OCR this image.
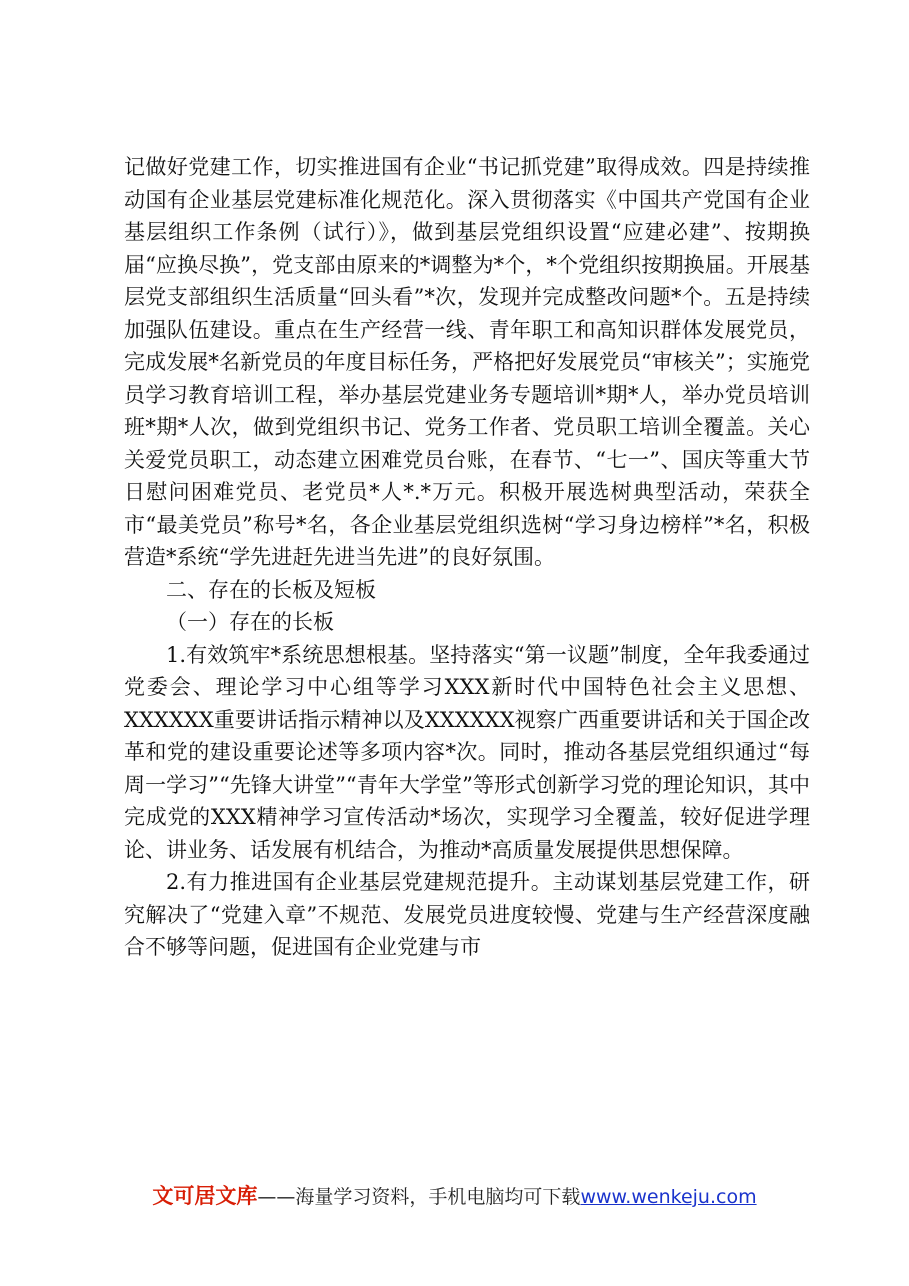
记做好党建工作，切实推进国有企业“书记抓党建”取得成效。四是持续推动国有企业基层党建标准化规范化。深入贯彻落实《中国共产党国有企业基层组织工作条例（试行）》，做到基层党组织设置“应建必建”、按期换届“应换尽换”，党支部由原来的*调整为*个，*个党组织按期换届。开展基层党支部组织生活质量“回头看”*次，发现并完成整改问题*个。五是持续加强队伍建设。重点在生产经营一线、青年职工和高知识群体发展党员，完成发展*名新党员的年度目标任务，严格把好发展党员“审核关”；实施党员学习教育培训工程，举办基层党建业务专题培训*期*人，举办党员培训班*期*人次，做到党组织书记、党务工作者、党员职工培训全覆盖。关心关爱党员职工，动态建立困难党员台账，在春节、“七一”、国庆等重大节日慰问困难党员、老党员*人*.*万元。积极开展选树典型活动，荣获全市“最美党员”称号*名，各企业基层党组织选树“学习身边榜样”*名，积极营造*系统“学先进赶先进当先进”的良好氛围。

二、存在的长板及短板

（一）存在的长板

1.有效筑牢*系统思想根基。坚持落实“第一议题”制度，全年我委通过党委会、理论学习中心组等学习XXX新时代中国特色社会主义思想、XXXXXX重要讲话指示精神以及XXXXXX视察广西重要讲话和关于国企改革和党的建设重要论述等多项内容*次。同时，推动各基层党组织通过“每周一学习”“先锋大讲堂”“青年大学堂”等形式创新学习党的理论知识，其中完成党的XXX精神学习宣传活动*场次，实现学习全覆盖，较好促进学理论、讲业务、话发展有机结合，为推动*高质量发展提供思想保障。

2.有力推进国有企业基层党建规范提升。主动谋划基层党建工作，研究解决了“党建入章”不规范、发展党员进度较慢、党建与生产经营深度融合不够等问题，促进国有企业党建与市

文可居文库——海量学习资料，手机电脑均可下载www.wenkeju.com
